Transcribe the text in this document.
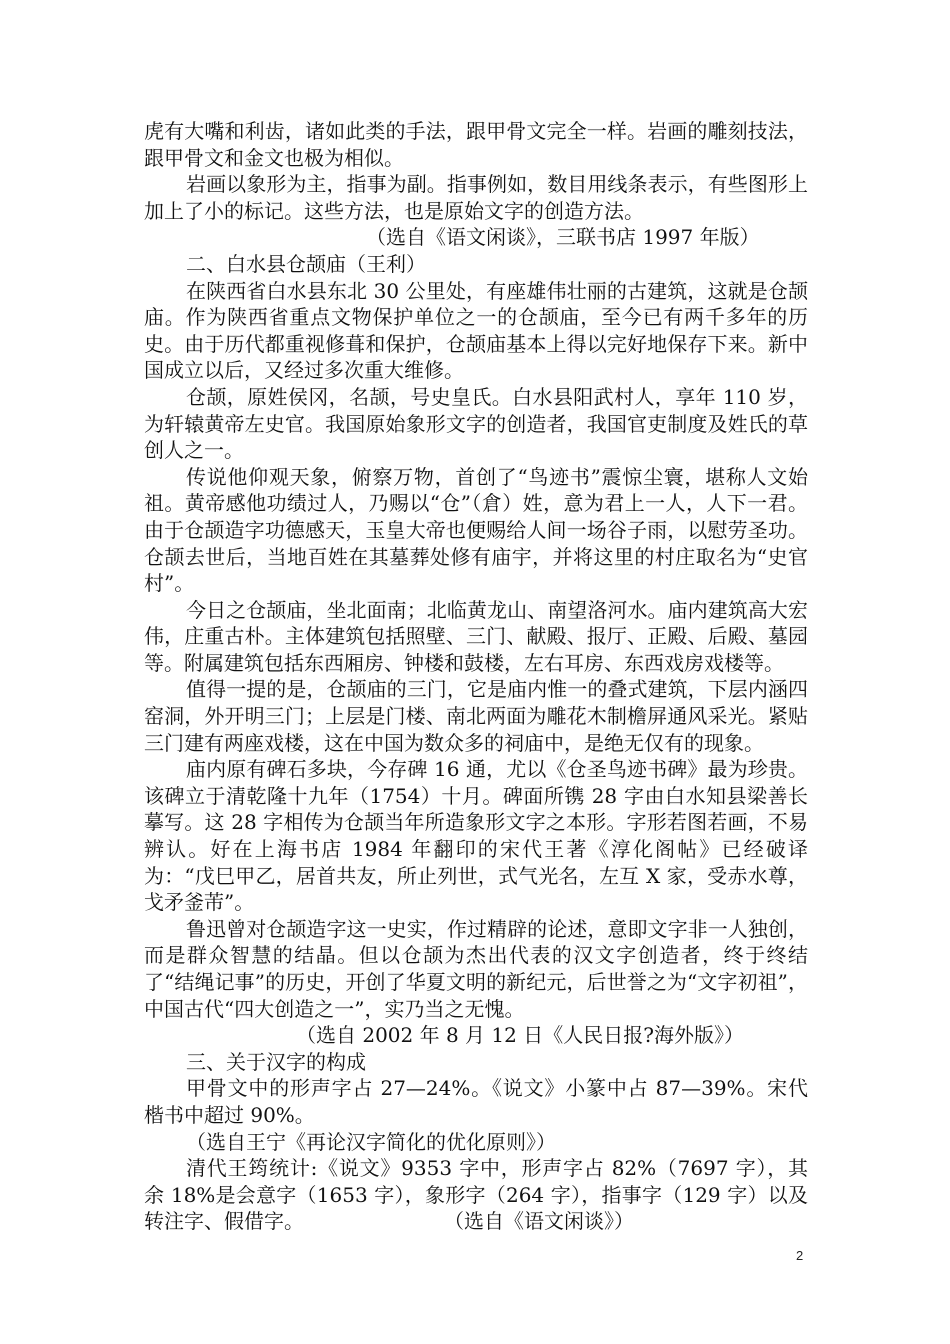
虎有大嘴和利齿，诸如此类的手法，跟甲骨文完全一样。岩画的雕刻技法，跟甲骨文和金文也极为相似。

岩画以象形为主，指事为副。指事例如，数目用线条表示，有些图形上加上了小的标记。这些方法，也是原始文字的创造方法。

（选自《语文闲谈》，三联书店 1997 年版）

二、白水县仓颉庙（王利）

在陕西省白水县东北 30 公里处，有座雄伟壮丽的古建筑，这就是仓颉庙。作为陕西省重点文物保护单位之一的仓颉庙，至今已有两千多年的历史。由于历代都重视修葺和保护，仓颉庙基本上得以完好地保存下来。新中国成立以后，又经过多次重大维修。

仓颉，原姓侯冈，名颉，号史皇氏。白水县阳武村人，享年 110 岁，为轩辕黄帝左史官。我国原始象形文字的创造者，我国官吏制度及姓氏的草创人之一。

传说他仰观天象，俯察万物，首创了“鸟迹书”震惊尘寰，堪称人文始祖。黄帝感他功绩过人，乃赐以“仓”（倉）姓，意为君上一人，人下一君。由于仓颉造字功德感天，玉皇大帝也便赐给人间一场谷子雨，以慰劳圣功。仓颉去世后，当地百姓在其墓葬处修有庙宇，并将这里的村庄取名为“史官村”。

今日之仓颉庙，坐北面南；北临黄龙山、南望洛河水。庙内建筑高大宏伟，庄重古朴。主体建筑包括照壁、三门、献殿、报厅、正殿、后殿、墓园等。附属建筑包括东西厢房、钟楼和鼓楼，左右耳房、东西戏房戏楼等。

值得一提的是，仓颉庙的三门，它是庙内惟一的叠式建筑，下层内涵四窑洞，外开明三门；上层是门楼、南北两面为雕花木制檐屏通风采光。紧贴三门建有两座戏楼，这在中国为数众多的祠庙中，是绝无仅有的现象。

庙内原有碑石多块，今存碑 16 通，尤以《仓圣鸟迹书碑》最为珍贵。该碑立于清乾隆十九年（1754）十月。碑面所镌 28 字由白水知县梁善长摹写。这 28 字相传为仓颉当年所造象形文字之本形。字形若图若画，不易辨认。好在上海书店 1984 年翻印的宋代王著《淳化阁帖》已经破译为：“戊巳甲乙，居首共友，所止列世，式气光名，左互 X 家，受赤水尊，戈矛釜芾”。

鲁迅曾对仓颉造字这一史实，作过精辟的论述，意即文字非一人独创，而是群众智慧的结晶。但以仓颉为杰出代表的汉文字创造者，终于终结了“结绳记事”的历史，开创了华夏文明的新纪元，后世誉之为“文字初祖”，中国古代“四大创造之一”，实乃当之无愧。

（选自 2002 年 8 月 12 日《人民日报?海外版》）

三、关于汉字的构成

甲骨文中的形声字占 27—24%。《说文》小篆中占 87—39%。宋代楷书中超过 90%。

（选自王宁《再论汉字简化的优化原则》）

清代王筠统计:《说文》9353 字中，形声字占 82%（7697 字），其余 18%是会意字（1653 字），象形字（264 字），指事字（129 字）以及转注字、假借字。	（选自《语文闲谈》）

2
